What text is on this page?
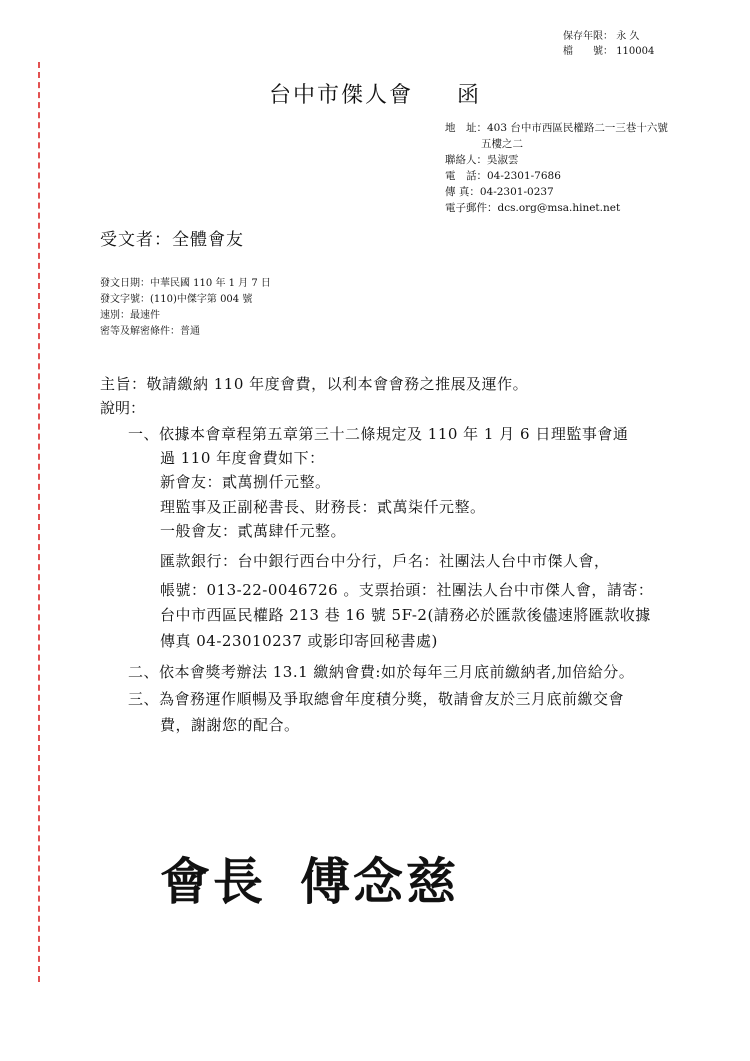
保存年限： 永 久
檔　　號： 110004
台中市傑人會 函
地　址：403 台中市西區民權路二一三巷十六號
五樓之二
聯絡人：吳淑雲
電　話：04-2301-7686
傳 真：04-2301-0237
電子郵件：dcs.org@msa.hinet.net
受文者：全體會友
發文日期：中華民國 110 年 1 月 7 日
發文字號：(110)中傑字第 004 號
速別：最速件
密等及解密條件：普通
主旨：敬請繳納 110 年度會費，以利本會會務之推展及運作。
說明：
一、依據本會章程第五章第三十二條規定及 110 年 1 月 6 日理監事會通
過 110 年度會費如下：
新會友：貳萬捌仟元整。
理監事及正副秘書長、財務長：貳萬柒仟元整。
一般會友：貳萬肆仟元整。
匯款銀行：台中銀行西台中分行，戶名：社團法人台中市傑人會，
帳號：013-22-0046726 。支票抬頭：社團法人台中市傑人會，請寄：
台中市西區民權路 213 巷 16 號 5F-2(請務必於匯款後儘速將匯款收據
傳真 04-23010237 或影印寄回秘書處)
二、依本會獎考辦法 13.1 繳納會費:如於每年三月底前繳納者,加倍給分。
三、為會務運作順暢及爭取總會年度積分獎，敬請會友於三月底前繳交會
費，謝謝您的配合。
會長 傅念慈
